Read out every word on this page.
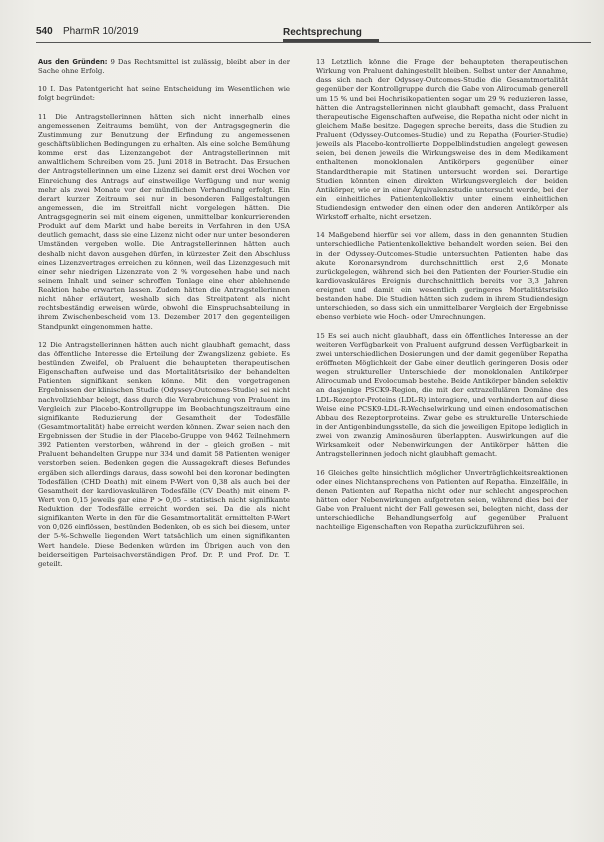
540 PharmR 10/2019	Rechtsprechung

Aus den Gründen: 9 Das Rechtsmittel ist zulässig, bleibt aber in der Sache ohne Erfolg.

10 I. Das Patentgericht hat seine Entscheidung im Wesentlichen wie folgt begründet:

11 Die Antragstellerinnen hätten sich nicht innerhalb eines angemessenen Zeitraums bemüht, von der Antragsgegnerin die Zustimmung zur Benutzung der Erfindung zu angemessenen geschäftsüblichen Bedingungen zu erhalten. Als eine solche Bemühung komme erst das Lizenzangebot der Antragstellerinnen mit anwaltlichem Schreiben vom 25. Juni 2018 in Betracht. Das Ersuchen der Antragstellerinnen um eine Lizenz sei damit erst drei Wochen vor Einreichung des Antrags auf einstweilige Verfügung und nur wenig mehr als zwei Monate vor der mündlichen Verhandlung erfolgt. Ein derart kurzer Zeitraum sei nur in besonderen Fallgestaltungen angemessen, die im Streitfall nicht vorgelegen hätten. Die Antragsgegnerin sei mit einem eigenen, unmittelbar konkurrierenden Produkt auf dem Markt und habe bereits in Verfahren in den USA deutlich gemacht, dass sie eine Lizenz nicht oder nur unter besonderen Umständen vergeben wolle. Die Antragstellerinnen hätten auch deshalb nicht davon ausgehen dürfen, in kürzester Zeit den Abschluss eines Lizenzvertrages erreichen zu können, weil das Lizenzgesuch mit einer sehr niedrigen Lizenzrate von 2 % vorgesehen habe und nach seinem Inhalt und seiner schroffen Tonlage eine eher ablehnende Reaktion habe erwarten lassen. Zudem hätten die Antragstellerinnen nicht näher erläutert, weshalb sich das Streitpatent als nicht rechtsbeständig erweisen würde, obwohl die Einspruchsabteilung in ihrem Zwischenbescheid vom 13. Dezember 2017 den gegenteiligen Standpunkt eingenommen hatte.

12 Die Antragstellerinnen hätten auch nicht glaubhaft gemacht, dass das öffentliche Interesse die Erteilung der Zwangslizenz gebiete. Es bestünden Zweifel, ob Praluent die behaupteten therapeutischen Eigenschaften aufweise und das Mortalitätsrisiko der behandelten Patienten signifikant senken könne. Mit den vorgetragenen Ergebnissen der klinischen Studie (Odyssey-Outcomes-Studie) sei nicht nachvollziehbar belegt, dass durch die Verabreichung von Praluent im Vergleich zur Placebo-Kontrollgruppe im Beobachtungszeitraum eine signifikante Reduzierung der Gesamtheit der Todesfälle (Gesamtmortalität) habe erreicht werden können. Zwar seien nach den Ergebnissen der Studie in der Placebo-Gruppe von 9462 Teilnehmern 392 Patienten verstorben, während in der – gleich großen – mit Praluent behandelten Gruppe nur 334 und damit 58 Patienten weniger verstorben seien. Bedenken gegen die Aussagekraft dieses Befundes ergäben sich allerdings daraus, dass sowohl bei den koronar bedingten Todesfällen (CHD Death) mit einem P-Wert von 0,38 als auch bei der Gesamtheit der kardiovaskulären Todesfälle (CV Death) mit einem P-Wert von 0,15 jeweils gar eine P > 0,05 – statistisch nicht signifikante Reduktion der Todesfälle erreicht worden sei. Da die als nicht signifikanten Werte in den für die Gesamtmortalität ermittelten P-Wert von 0,026 einflössen, bestünden Bedenken, ob es sich bei diesem, unter der 5-%-Schwelle liegenden Wert tatsächlich um einen signifikanten Wert handele. Diese Bedenken würden im Übrigen auch von den beiderseitigen Parteisachverständigen Prof. Dr. P. und Prof. Dr. T. geteilt.

13 Letztlich könne die Frage der behaupteten therapeutischen Wirkung von Praluent dahingestellt bleiben. Selbst unter der Annahme, dass sich nach der Odyssey-Outcomes-Studie die Gesamtmortalität gegenüber der Kontrollgruppe durch die Gabe von Alirocumab generell um 15 % und bei Hochrisikopatienten sogar um 29 % reduzieren lasse, hätten die Antragstellerinnen nicht glaubhaft gemacht, dass Praluent therapeutische Eigenschaften aufweise, die Repatha nicht oder nicht in gleichem Maße besitze. Dagegen spreche bereits, dass die Studien zu Praluent (Odyssey-Outcomes-Studie) und zu Repatha (Fourier-Studie) jeweils als Placebo-kontrollierte Doppelblindstudien angelegt gewesen seien, bei denen jeweils die Wirkungsweise des in dem Medikament enthaltenen monoklonalen Antikörpers gegenüber einer Standardtherapie mit Statinen untersucht worden sei. Derartige Studien könnten einen direkten Wirkungsvergleich der beiden Antikörper, wie er in einer Äquivalenzstudie untersucht werde, bei der ein einheitliches Patientenkollektiv unter einem einheitlichen Studiendesign entweder den einen oder den anderen Antikörper als Wirkstoff erhalte, nicht ersetzen.

14 Maßgebend hierfür sei vor allem, dass in den genannten Studien unterschiedliche Patientenkollektive behandelt worden seien. Bei den in der Odyssey-Outcomes-Studie untersuchten Patienten habe das akute Koronarsyndrom durchschnittlich erst 2,6 Monate zurückgelegen, während sich bei den Patienten der Fourier-Studie ein kardiovaskuläres Ereignis durchschnittlich bereits vor 3,3 Jahren ereignet und damit ein wesentlich geringeres Mortalitätsrisiko bestanden habe. Die Studien hätten sich zudem in ihrem Studiendesign unterschieden, so dass sich ein unmittelbarer Vergleich der Ergebnisse ebenso verbiete wie Hoch- oder Umrechnungen.

15 Es sei auch nicht glaubhaft, dass ein öffentliches Interesse an der weiteren Verfügbarkeit von Praluent aufgrund dessen Verfügbarkeit in zwei unterschiedlichen Dosierungen und der damit gegenüber Repatha eröffneten Möglichkeit der Gabe einer deutlich geringeren Dosis oder wegen struktureller Unterschiede der monoklonalen Antikörper Alirocumab und Evolocumab bestehe. Beide Antikörper bänden selektiv an dasjenige PSCK9-Region, die mit der extrazellulären Domäne des LDL-Rezeptor-Proteins (LDL-R) interagiere, und verhinderten auf diese Weise eine PCSK9-LDL-R-Wechselwirkung und einen endosomatischen Abbau des Rezeptorproteins. Zwar gebe es strukturelle Unterschiede in der Antigenbindungsstelle, da sich die jeweiligen Epitope lediglich in zwei von zwanzig Aminosäuren überlappten. Auswirkungen auf die Wirksamkeit oder Nebenwirkungen der Antikörper hätten die Antragstellerinnen jedoch nicht glaubhaft gemacht.

16 Gleiches gelte hinsichtlich möglicher Unverträglichkeitsreaktionen oder eines Nichtansprechens von Patienten auf Repatha. Einzelfälle, in denen Patienten auf Repatha nicht oder nur schlecht angesprochen hätten oder Nebenwirkungen aufgetreten seien, während dies bei der Gabe von Praluent nicht der Fall gewesen sei, belegten nicht, dass der unterschiedliche Behandlungserfolg auf gegenüber Praluent nachteilige Eigenschaften von Repatha zurückzuführen sei.
